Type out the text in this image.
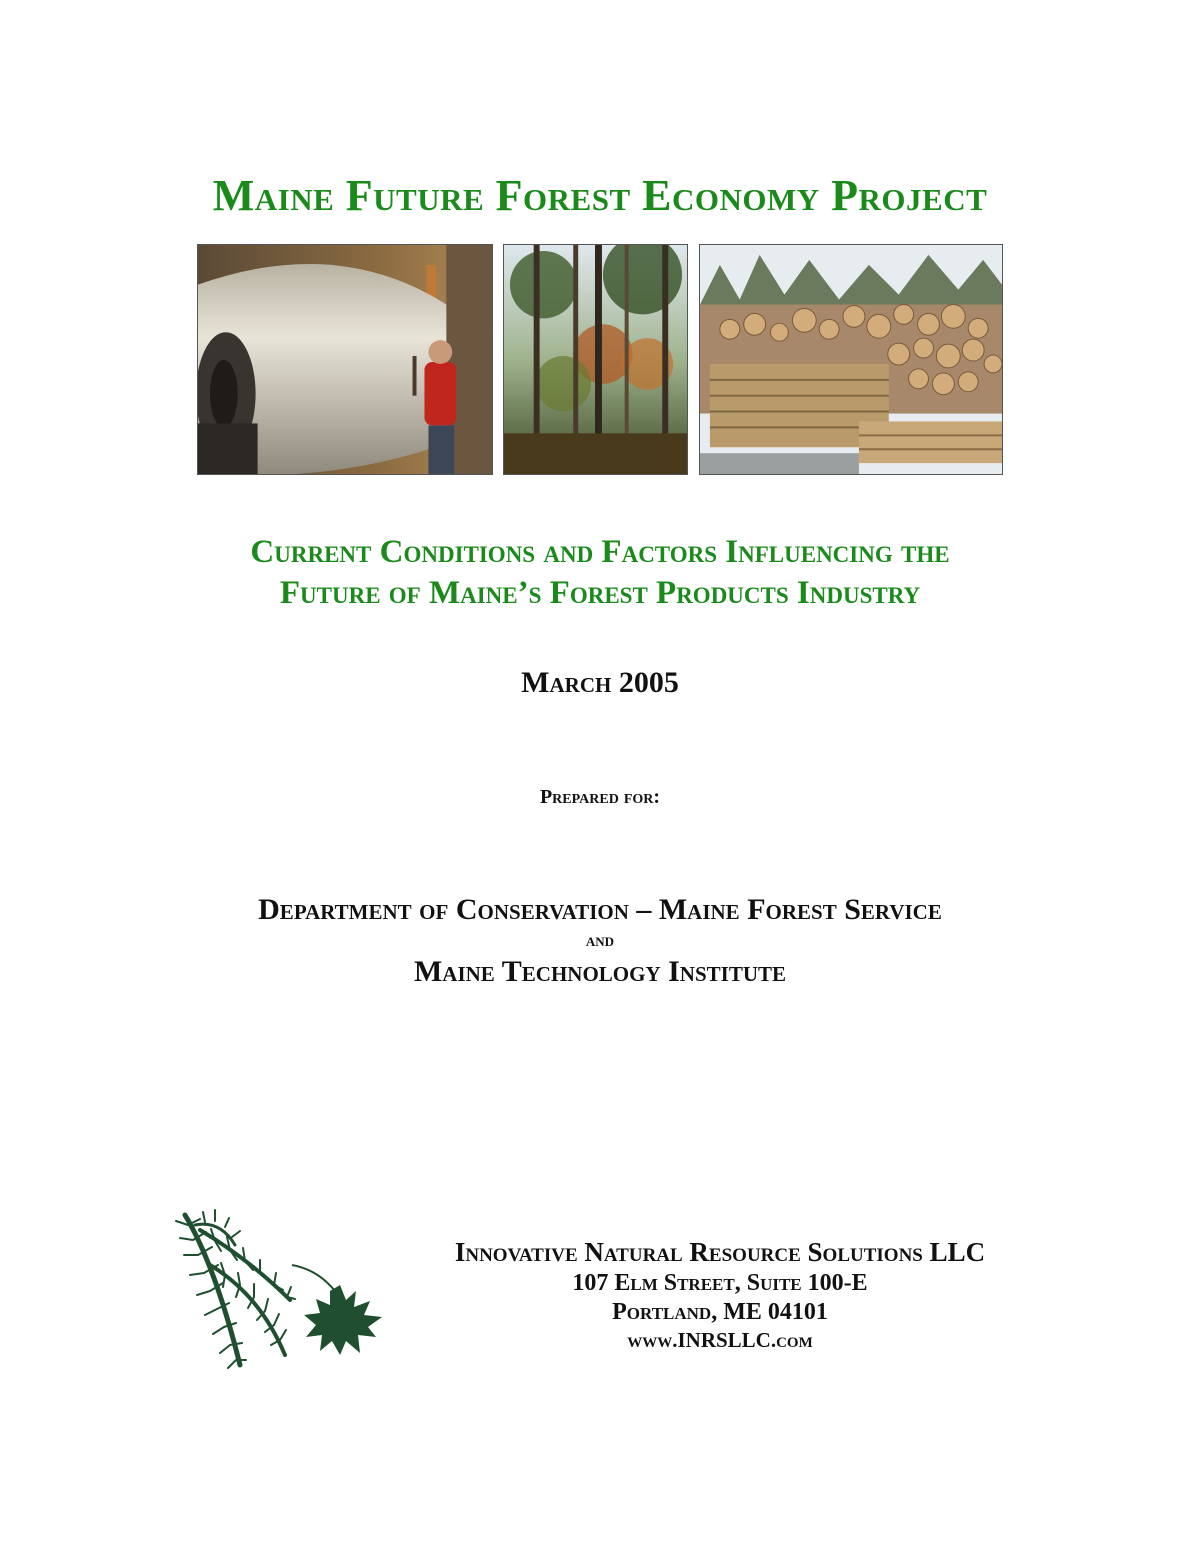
Maine Future Forest Economy Project
Current Conditions and Factors Influencing the
Future of Maine’s Forest Products Industry
March 2005
Prepared for:
Department of Conservation – Maine Forest Service
and
Maine Technology Institute
Innovative Natural Resource Solutions LLC
107 Elm Street, Suite 100-E
Portland, ME 04101
www.INRSLLC.com
